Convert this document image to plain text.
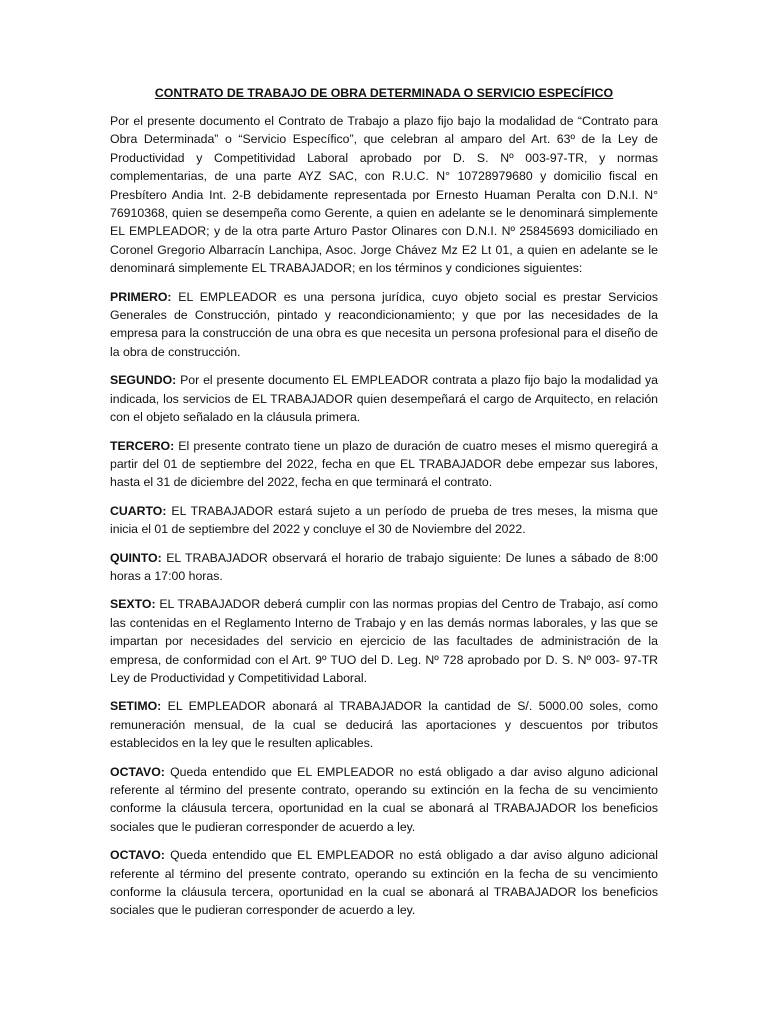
CONTRATO DE TRABAJO DE OBRA DETERMINADA O SERVICIO ESPECÍFICO

Por el presente documento el Contrato de Trabajo a plazo fijo bajo la modalidad de “Contrato para Obra Determinada” o “Servicio Específico”, que celebran al amparo del Art. 63º de la Ley de Productividad y Competitividad Laboral aprobado por D. S. Nº 003-97-TR, y normas complementarias, de una parte AYZ SAC, con R.U.C. N° 10728979680 y domicilio fiscal en Presbítero Andia Int. 2-B debidamente representada por Ernesto Huaman Peralta con D.N.I. N° 76910368, quien se desempeña como Gerente, a quien en adelante se le denominará simplemente EL EMPLEADOR; y de la otra parte Arturo Pastor Olinares con D.N.I. Nº 25845693 domiciliado en Coronel Gregorio Albarracín Lanchipa, Asoc. Jorge Chávez Mz E2 Lt 01, a quien en adelante se le denominará simplemente EL TRABAJADOR; en los términos y condiciones siguientes:

PRIMERO: EL EMPLEADOR es una persona jurídica, cuyo objeto social es prestar Servicios Generales de Construcción, pintado y reacondicionamiento; y que por las necesidades de la empresa para la construcción de una obra es que necesita un persona profesional para el diseño de la obra de construcción.

SEGUNDO: Por el presente documento EL EMPLEADOR contrata a plazo fijo bajo la modalidad ya indicada, los servicios de EL TRABAJADOR quien desempeñará el cargo de Arquitecto, en relación con el objeto señalado en la cláusula primera.

TERCERO: El presente contrato tiene un plazo de duración de cuatro meses el mismo queregirá a partir del 01 de septiembre del 2022, fecha en que EL TRABAJADOR debe empezar sus labores, hasta el 31 de diciembre del 2022, fecha en que terminará el contrato.

CUARTO: EL TRABAJADOR estará sujeto a un período de prueba de tres meses, la misma que inicia el 01 de septiembre del 2022 y concluye el 30 de Noviembre del 2022.

QUINTO: EL TRABAJADOR observará el horario de trabajo siguiente: De lunes a sábado de 8:00 horas a 17:00 horas.

SEXTO: EL TRABAJADOR deberá cumplir con las normas propias del Centro de Trabajo, así como las contenidas en el Reglamento Interno de Trabajo y en las demás normas laborales, y las que se impartan por necesidades del servicio en ejercicio de las facultades de administración de la empresa, de conformidad con el Art. 9º TUO del D. Leg. Nº 728 aprobado por D. S. Nº 003- 97-TR Ley de Productividad y Competitividad Laboral.

SETIMO: EL EMPLEADOR abonará al TRABAJADOR la cantidad de S/. 5000.00 soles, como remuneración mensual, de la cual se deducirá las aportaciones y descuentos por tributos establecidos en la ley que le resulten aplicables.

OCTAVO: Queda entendido que EL EMPLEADOR no está obligado a dar aviso alguno adicional referente al término del presente contrato, operando su extinción en la fecha de su vencimiento conforme la cláusula tercera, oportunidad en la cual se abonará al TRABAJADOR los beneficios sociales que le pudieran corresponder de acuerdo a ley.

OCTAVO: Queda entendido que EL EMPLEADOR no está obligado a dar aviso alguno adicional referente al término del presente contrato, operando su extinción en la fecha de su vencimiento conforme la cláusula tercera, oportunidad en la cual se abonará al TRABAJADOR los beneficios sociales que le pudieran corresponder de acuerdo a ley.
